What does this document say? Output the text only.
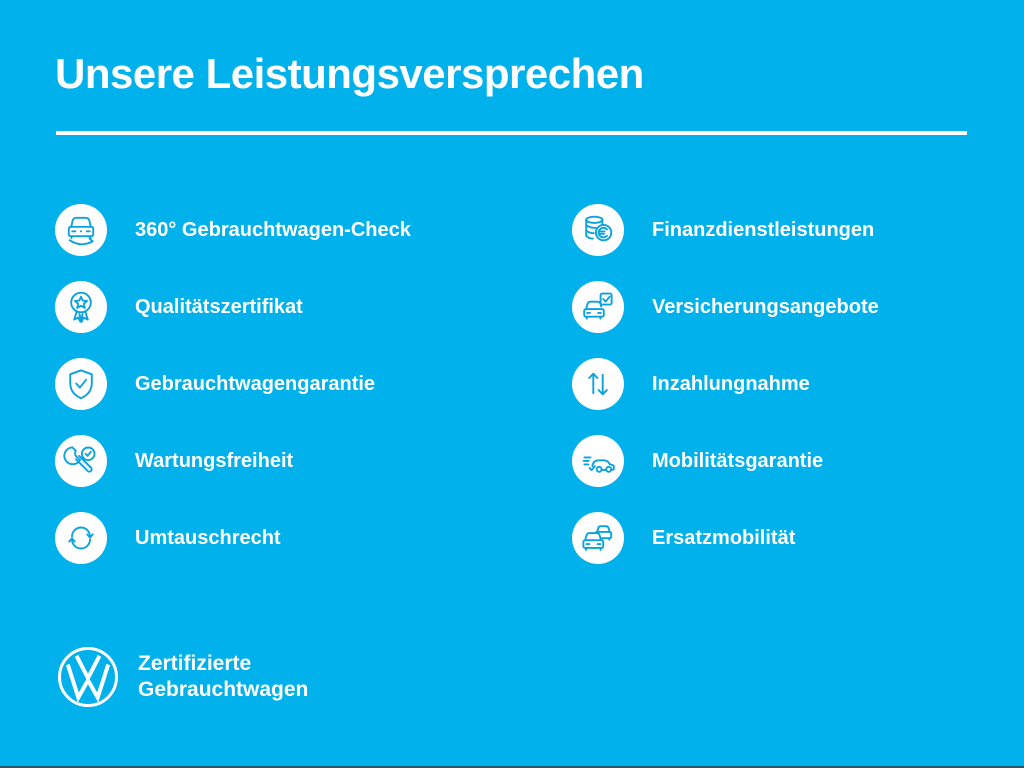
Unsere Leistungsversprechen
360° Gebrauchtwagen-Check
Qualitätszertifikat
Gebrauchtwagengarantie
Wartungsfreiheit
Umtauschrecht
Finanzdienstleistungen
Versicherungsangebote
Inzahlungnahme
Mobilitätsgarantie
Ersatzmobilität
Zertifizierte
Gebrauchtwagen
